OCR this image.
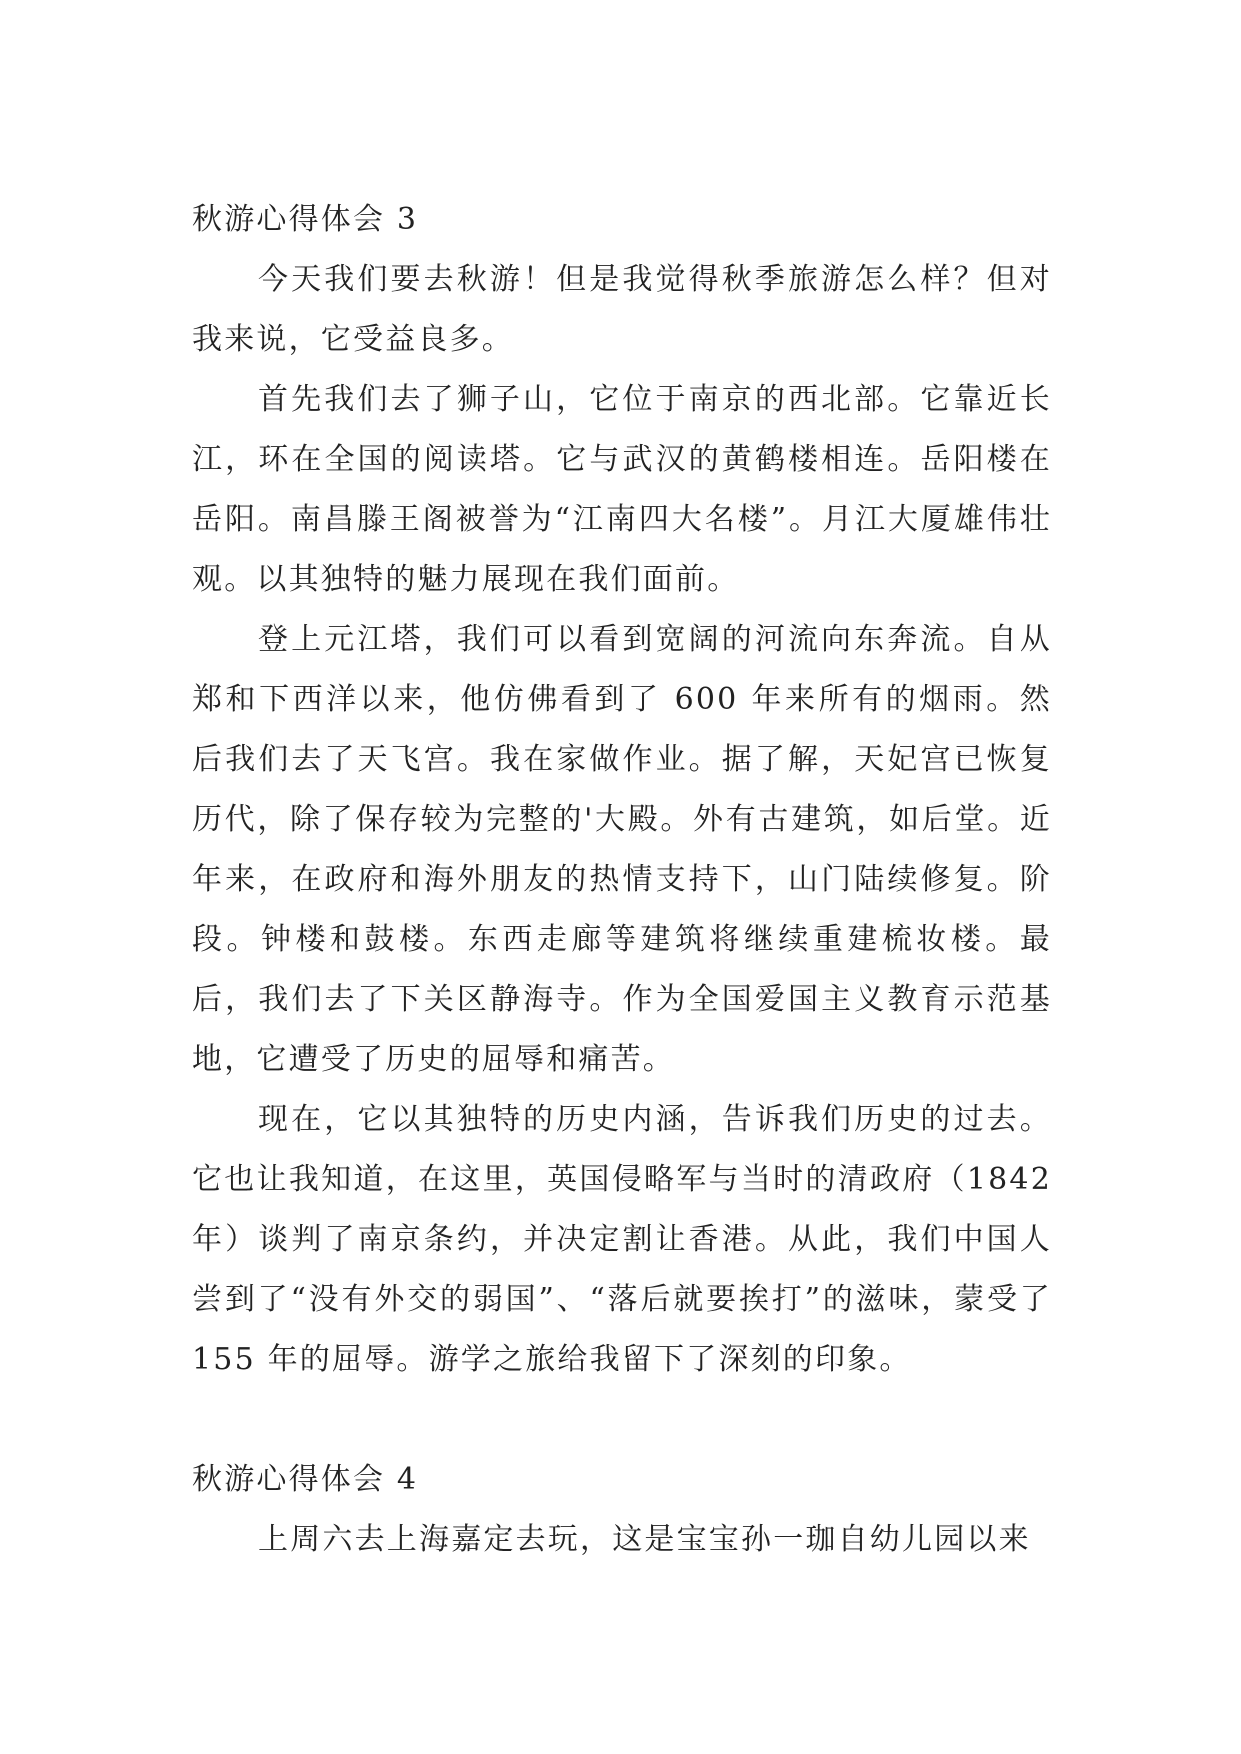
秋游心得体会 3

今天我们要去秋游！但是我觉得秋季旅游怎么样？但对我来说，它受益良多。

首先我们去了狮子山，它位于南京的西北部。它靠近长江，环在全国的阅读塔。它与武汉的黄鹤楼相连。岳阳楼在岳阳。南昌滕王阁被誉为“江南四大名楼”。月江大厦雄伟壮观。以其独特的魅力展现在我们面前。

登上元江塔，我们可以看到宽阔的河流向东奔流。自从郑和下西洋以来，他仿佛看到了 600 年来所有的烟雨。然后我们去了天飞宫。我在家做作业。据了解，天妃宫已恢复历代，除了保存较为完整的'大殿。外有古建筑，如后堂。近年来，在政府和海外朋友的热情支持下，山门陆续修复。阶段。钟楼和鼓楼。东西走廊等建筑将继续重建梳妆楼。最后，我们去了下关区静海寺。作为全国爱国主义教育示范基地，它遭受了历史的屈辱和痛苦。

现在，它以其独特的历史内涵，告诉我们历史的过去。它也让我知道，在这里，英国侵略军与当时的清政府（1842 年）谈判了南京条约，并决定割让香港。从此，我们中国人尝到了“没有外交的弱国”、“落后就要挨打”的滋味，蒙受了 155 年的屈辱。游学之旅给我留下了深刻的印象。

秋游心得体会 4

上周六去上海嘉定去玩，这是宝宝孙一珈自幼儿园以来
